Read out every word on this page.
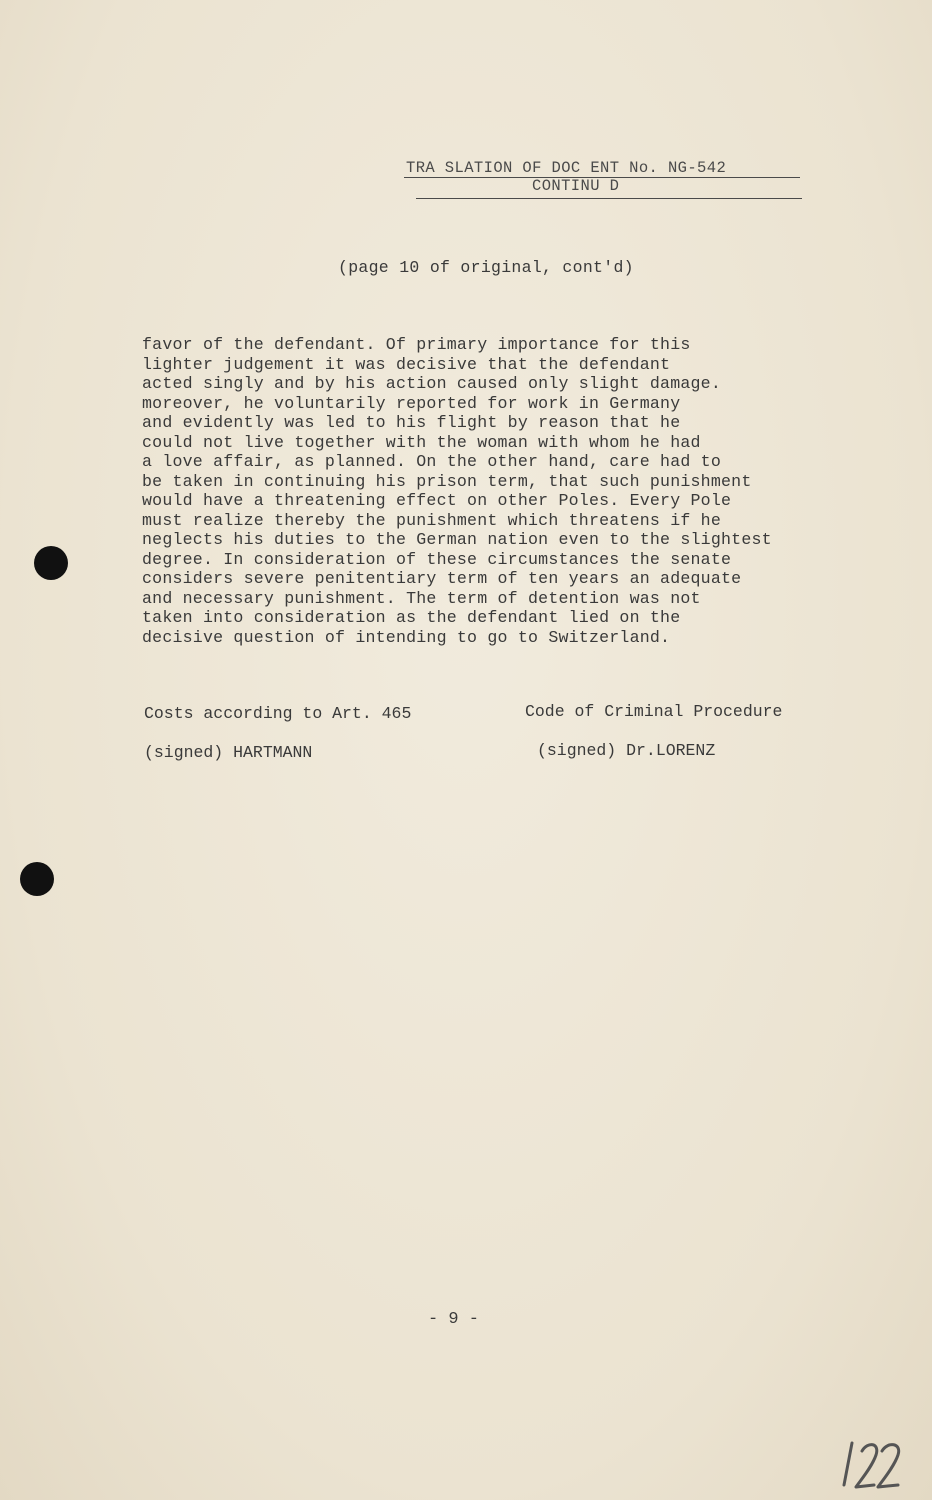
TRA SLATION OF DOC ENT No. NG-542
CONTINU D
(page 10 of original, cont'd)
favor of the defendant. Of primary importance for this
lighter judgement it was decisive that the defendant
acted singly and by his action caused only slight damage.
moreover, he voluntarily reported for work in Germany
and evidently was led to his flight by reason that he
could not live together with the woman with whom he had
a love affair, as planned. On the other hand, care had to
be taken in continuing his prison term, that such punishment
would have a threatening effect on other Poles. Every Pole
must realize thereby the punishment which threatens if he
neglects his duties to the German nation even to the slightest
degree. In consideration of these circumstances the senate
considers severe penitentiary term of ten years an adequate
and necessary punishment. The term of detention was not
taken into consideration as the defendant lied on the
decisive question of intending to go to Switzerland.
Costs according to Art. 465	Code of Criminal Procedure
(signed) HARTMANN	(signed) Dr.LORENZ
- 9 -
